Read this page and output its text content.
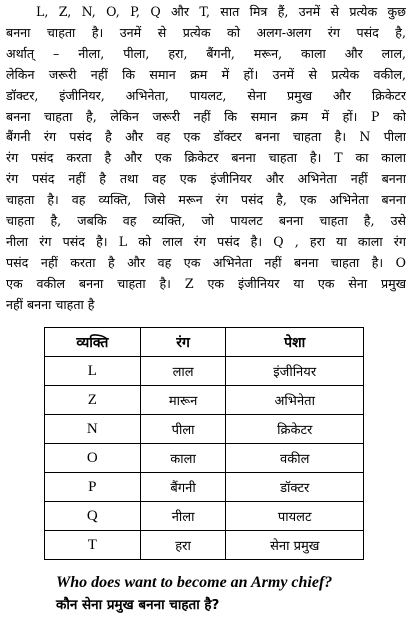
L, Z, N, O, P, Q और T, सात मित्र हैं, उनमें से प्रत्येक कुछ
बनना चाहता है। उनमें से प्रत्येक को अलग-अलग रंग पसंद है,
अर्थात् – नीला, पीला, हरा, बैंगनी, मरून, काला और लाल,
लेकिन जरूरी नहीं कि समान क्रम में हों। उनमें से प्रत्येक वकील,
डॉक्टर, इंजीनियर, अभिनेता, पायलट, सेना प्रमुख और क्रिकेटर
बनना चाहता है, लेकिन जरूरी नहीं कि समान क्रम में हों। P को
बैंगनी रंग पसंद है और वह एक डॉक्टर बनना चाहता है। N पीला
रंग पसंद करता है और एक क्रिकेटर बनना चाहता है। T का काला
रंग पसंद नहीं है तथा वह एक इंजीनियर और अभिनेता नहीं बनना
चाहता है। वह व्यक्ति, जिसे मरून रंग पसंद है, एक अभिनेता बनना
चाहता है, जबकि वह व्यक्ति, जो पायलट बनना चाहता है, उसे
नीला रंग पसंद है। L को लाल रंग पसंद है। Q , हरा या काला रंग
पसंद नहीं करता है और वह एक अभिनेता नहीं बनना चाहता है। O
एक वकील बनना चाहता है। Z एक इंजीनियर या एक सेना प्रमुख
नहीं बनना चाहता है
व्यक्ति	रंग	पेशा
L	लाल	इंजीनियर
Z	मारून	अभिनेता
N	पीला	क्रिकेटर
O	काला	वकील
P	बैंगनी	डॉक्टर
Q	नीला	पायलट
T	हरा	सेना प्रमुख
Who does want to become an Army chief?
कौन सेना प्रमुख बनना चाहता है?
